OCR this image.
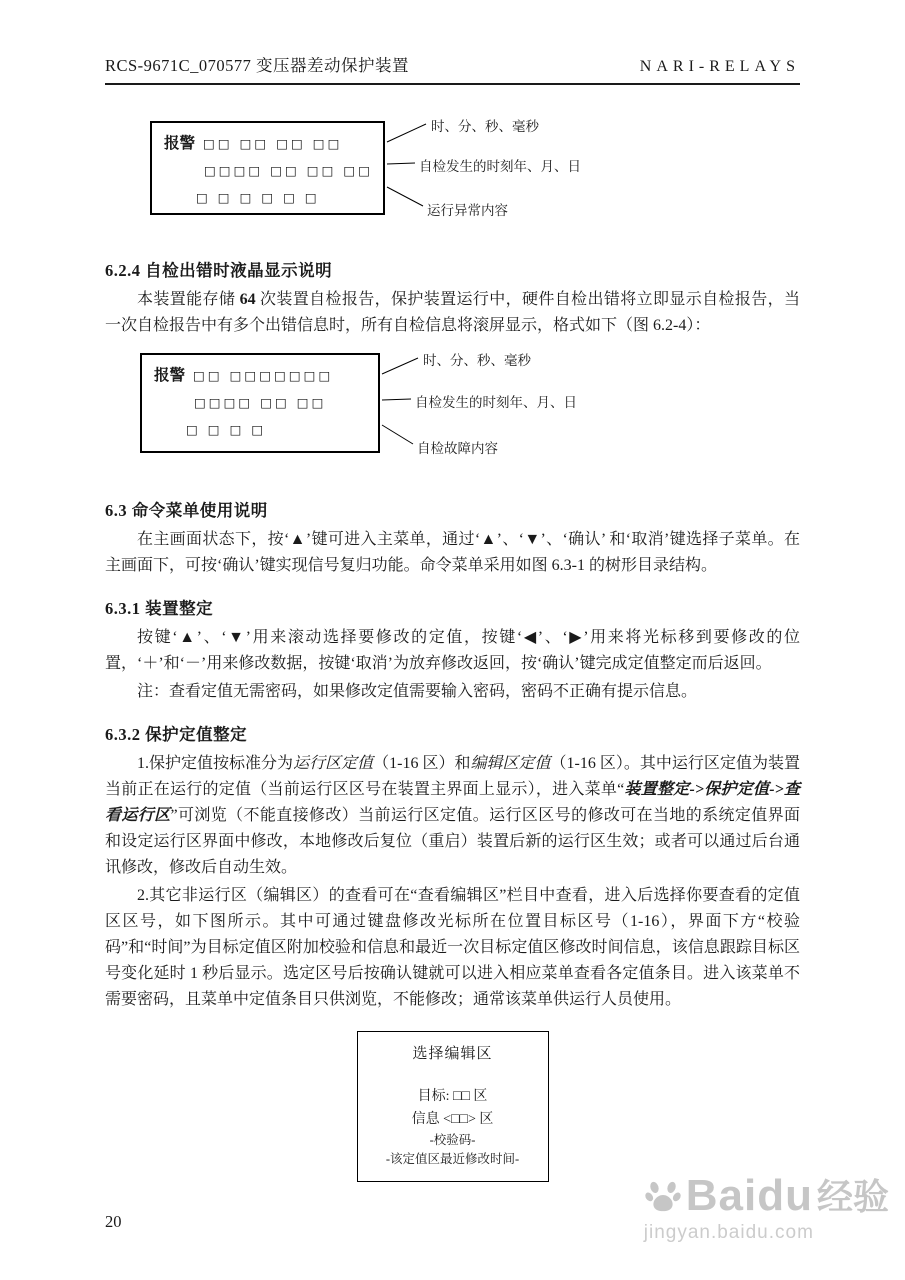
RCS-9671C_070577 变压器差动保护装置	NARI-RELAYS
报警 □□ □□ □□ □□
□□□□ □□ □□ □□
□ □ □ □ □ □
时、分、秒、毫秒
自检发生的时刻年、月、日
运行异常内容
6.2.4 自检出错时液晶显示说明

本装置能存储 64 次装置自检报告，保护装置运行中，硬件自检出错将立即显示自检报告，当一次自检报告中有多个出错信息时，所有自检信息将滚屏显示，格式如下（图 6.2-4）：

报警 □□ □□□□□□□
□□□□ □□ □□
□ □ □ □
时、分、秒、毫秒
自检发生的时刻年、月、日
自检故障内容
6.3 命令菜单使用说明

在主画面状态下，按‘▲’键可进入主菜单，通过‘▲’、‘▼’、‘确认’ 和‘取消’键选择子菜单。在主画面下，可按‘确认’键实现信号复归功能。命令菜单采用如图 6.3-1 的树形目录结构。

6.3.1 装置整定

按键‘▲’、‘▼’用来滚动选择要修改的定值，按键‘◀’、‘▶’用来将光标移到要修改的位置，‘＋’和‘－’用来修改数据，按键‘取消’为放弃修改返回，按‘确认’键完成定值整定而后返回。

注：查看定值无需密码，如果修改定值需要输入密码，密码不正确有提示信息。

6.3.2 保护定值整定

1.保护定值按标准分为运行区定值（1-16 区）和编辑区定值（1-16 区）。其中运行区定值为装置当前正在运行的定值（当前运行区区号在装置主界面上显示），进入菜单“装置整定->保护定值->查看运行区”可浏览（不能直接修改）当前运行区定值。运行区区号的修改可在当地的系统定值界面和设定运行区界面中修改，本地修改后复位（重启）装置后新的运行区生效；或者可以通过后台通讯修改，修改后自动生效。

2.其它非运行区（编辑区）的查看可在“查看编辑区”栏目中查看，进入后选择你要查看的定值区区号，如下图所示。其中可通过键盘修改光标所在位置目标区号（1-16），界面下方“校验码”和“时间”为目标定值区附加校验和信息和最近一次目标定值区修改时间信息，该信息跟踪目标区号变化延时 1 秒后显示。选定区号后按确认键就可以进入相应菜单查看各定值条目。进入该菜单不需要密码，且菜单中定值条目只供浏览，不能修改；通常该菜单供运行人员使用。

选择编辑区
目标: □□ 区
信息 <□□> 区
-校验码-
-该定值区最近修改时间-
20
Baidu 经验
jingyan.baidu.com
